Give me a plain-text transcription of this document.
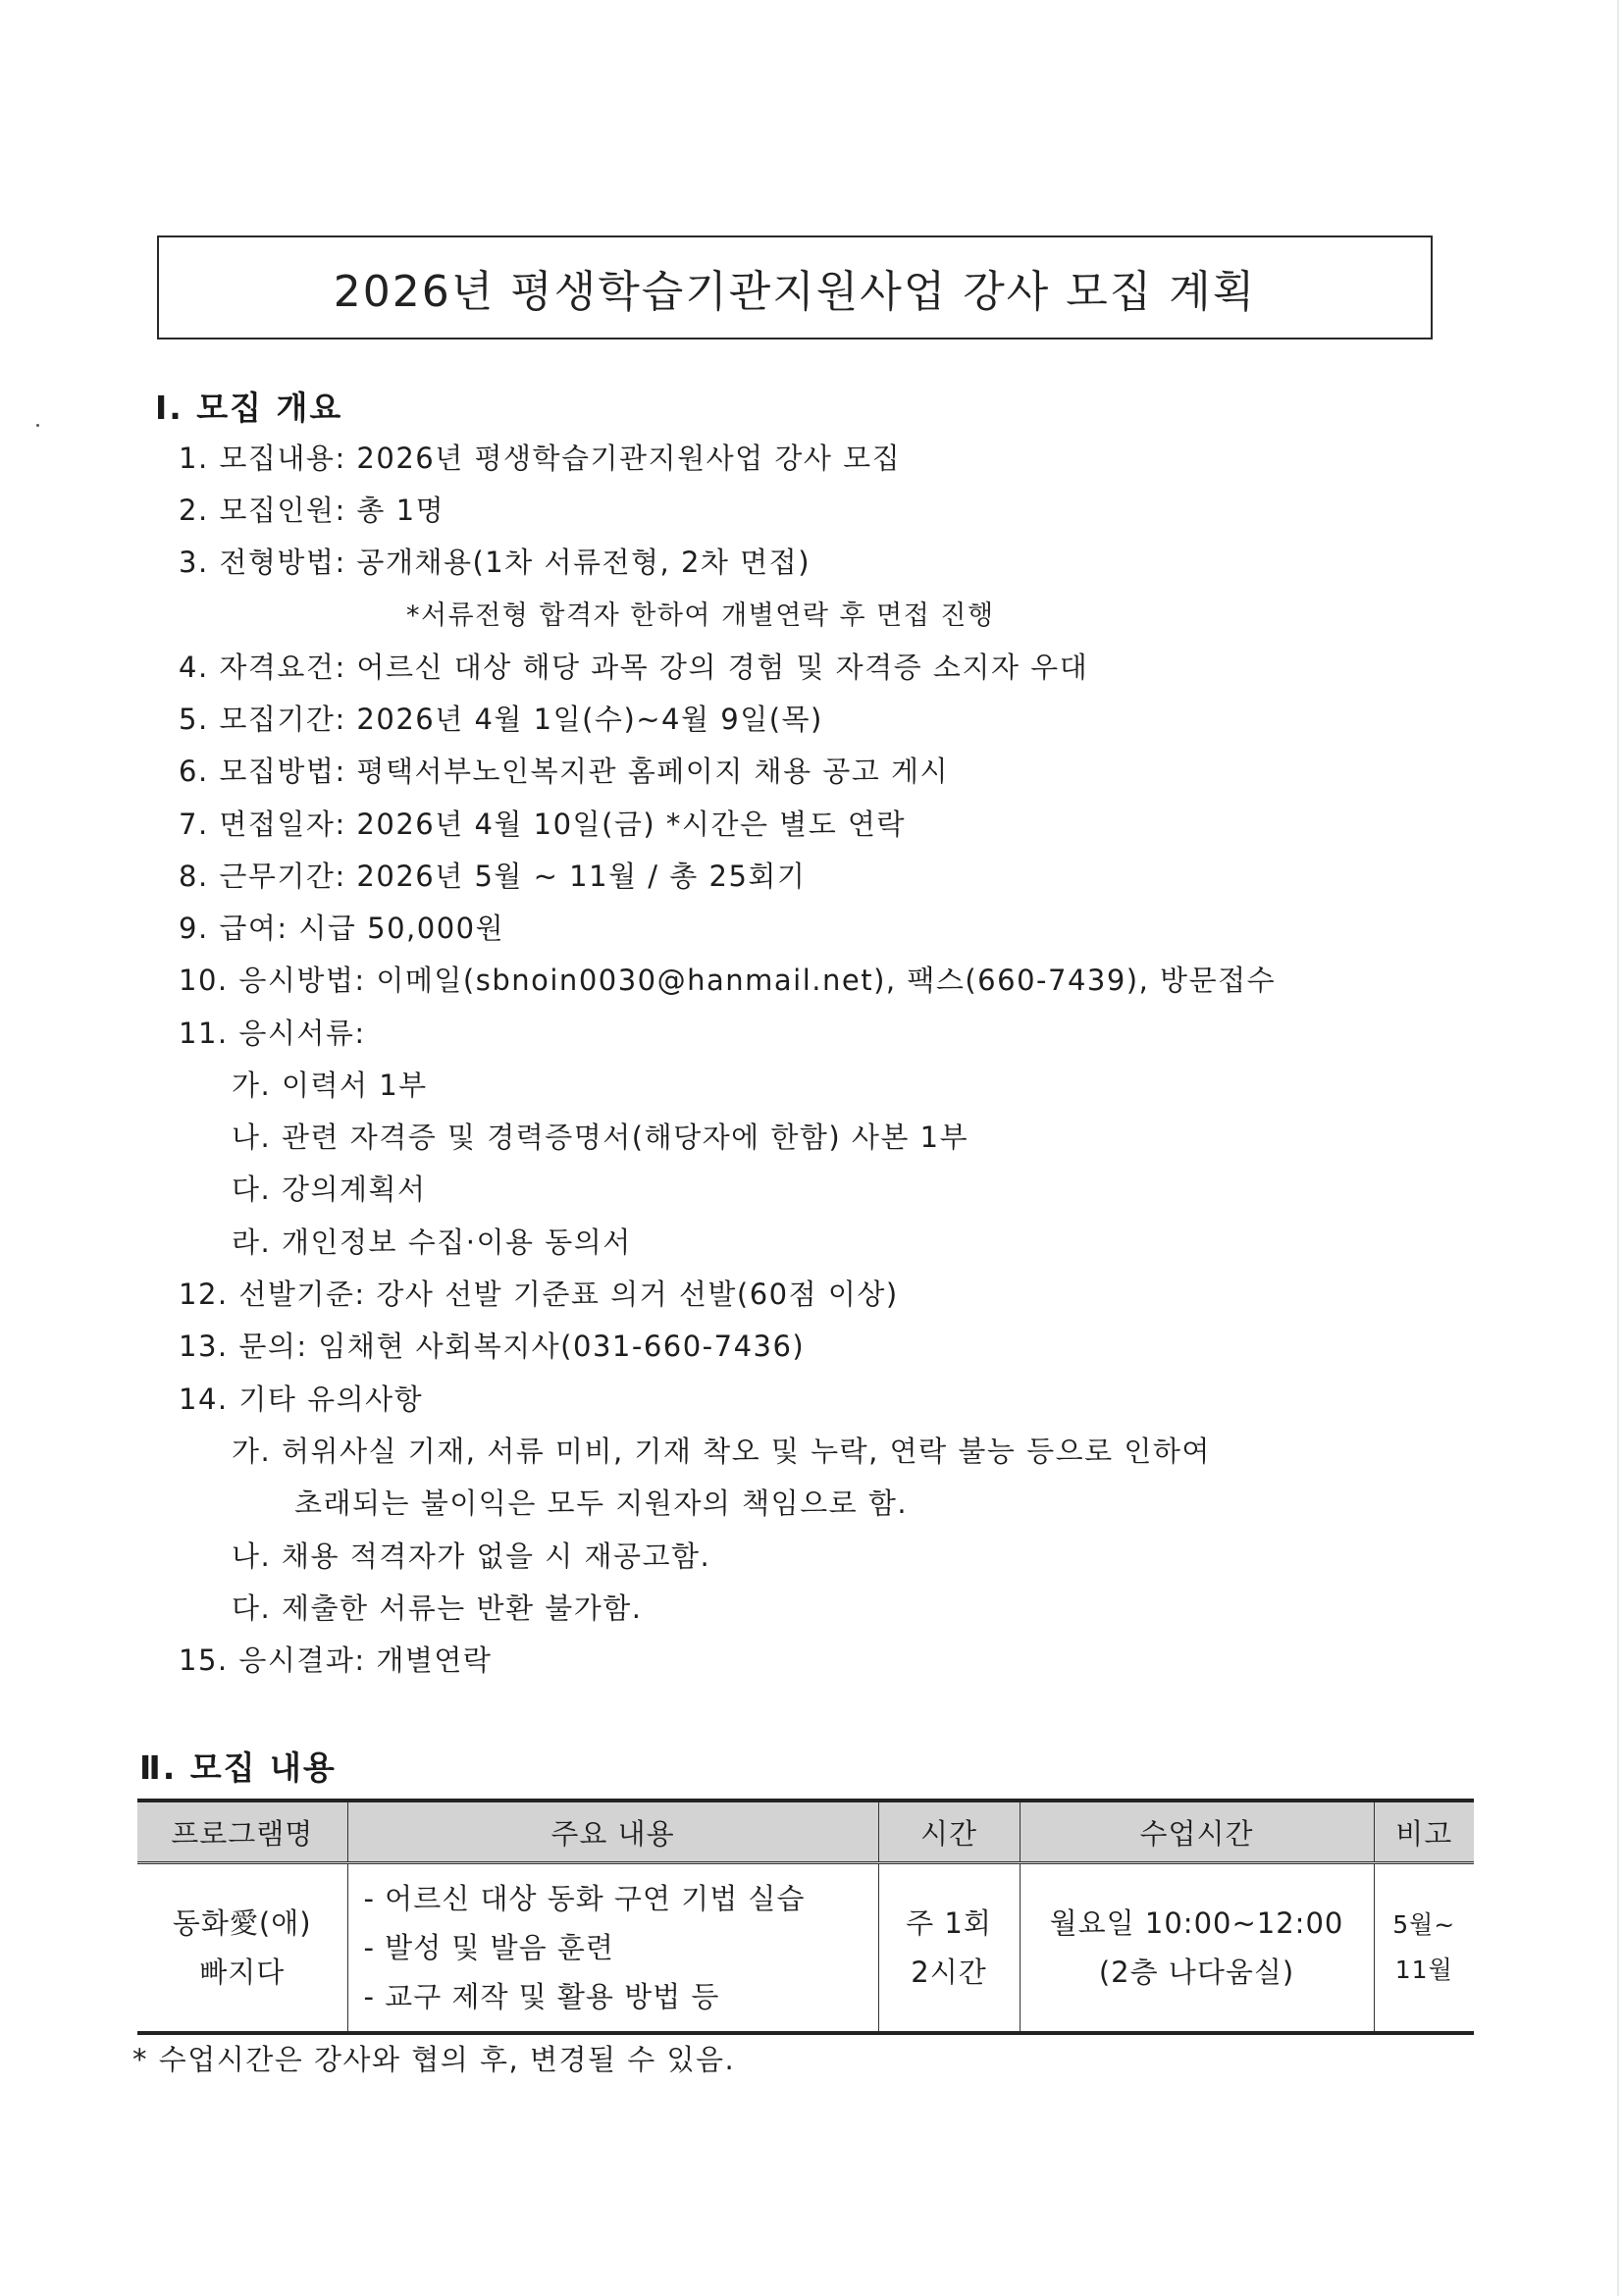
2026년 평생학습기관지원사업 강사 모집 계획
Ⅰ. 모집 개요
1. 모집내용: 2026년 평생학습기관지원사업 강사 모집
2. 모집인원: 총 1명
3. 전형방법: 공개채용(1차 서류전형, 2차 면접)
*서류전형 합격자 한하여 개별연락 후 면접 진행
4. 자격요건: 어르신 대상 해당 과목 강의 경험 및 자격증 소지자 우대
5. 모집기간: 2026년 4월 1일(수)~4월 9일(목)
6. 모집방법: 평택서부노인복지관 홈페이지 채용 공고 게시
7. 면접일자: 2026년 4월 10일(금) *시간은 별도 연락
8. 근무기간: 2026년 5월 ~ 11월 / 총 25회기
9. 급여: 시급 50,000원
10. 응시방법: 이메일(sbnoin0030@hanmail.net), 팩스(660-7439), 방문접수
11. 응시서류:
가. 이력서 1부
나. 관련 자격증 및 경력증명서(해당자에 한함) 사본 1부
다. 강의계획서
라. 개인정보 수집·이용 동의서
12. 선발기준: 강사 선발 기준표 의거 선발(60점 이상)
13. 문의: 임채현 사회복지사(031-660-7436)
14. 기타 유의사항
가. 허위사실 기재, 서류 미비, 기재 착오 및 누락, 연락 불능 등으로 인하여
초래되는 불이익은 모두 지원자의 책임으로 함.
나. 채용 적격자가 없을 시 재공고함.
다. 제출한 서류는 반환 불가함.
15. 응시결과: 개별연락
Ⅱ. 모집 내용
프로그램명	주요 내용	시간	수업시간	비고

동화愛(애)
빠지다	- 어르신 대상 동화 구연 기법 실습
- 발성 및 발음 훈련
- 교구 제작 및 활용 방법 등	주 1회
2시간	월요일 10:00~12:00
(2층 나다움실)	5월~
11월
* 수업시간은 강사와 협의 후, 변경될 수 있음.
